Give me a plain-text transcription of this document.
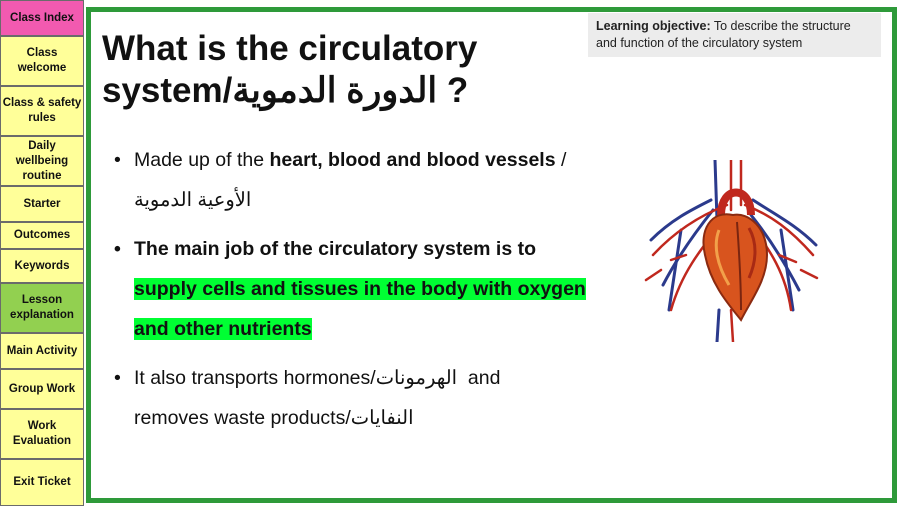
Class Index
Class welcome
Class & safety rules
Daily wellbeing routine
Starter
Outcomes
Keywords
Lesson explanation
Main Activity
Group Work
Work Evaluation
Exit Ticket
What is the circulatory
system/الدورة الدموية ?
Learning objective: To describe the structure and function of the circulatory system
• Made up of the heart, blood and blood vessels /
الأوعية الدموية
• The main job of the circulatory system is to
supply cells and tissues in the body with oxygen
and other nutrients
• It also transports hormones/الهرمونات  and
removes waste products/النفايات
